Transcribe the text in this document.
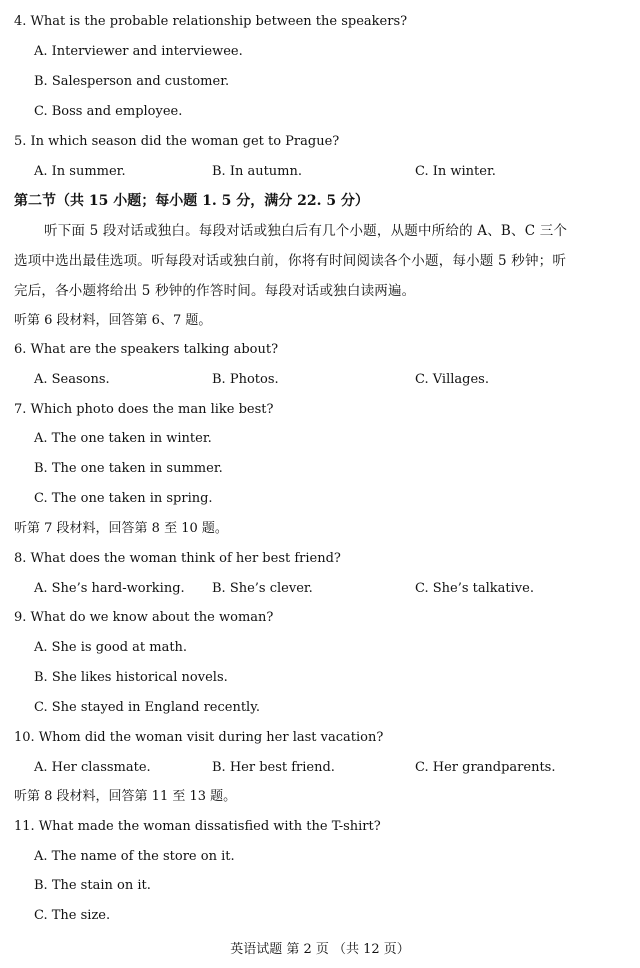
4. What is the probable relationship between the speakers?
A. Interviewer and interviewee.
B. Salesperson and customer.
C. Boss and employee.
5. In which season did the woman get to Prague?
A. In summer.	B. In autumn.	C. In winter.
第二节（共 15 小题；每小题 1. 5 分，满分 22. 5 分）
听下面 5 段对话或独白。每段对话或独白后有几个小题，从题中所给的 A、B、C 三个
选项中选出最佳选项。听每段对话或独白前，你将有时间阅读各个小题，每小题 5 秒钟；听
完后，各小题将给出 5 秒钟的作答时间。每段对话或独白读两遍。
听第 6 段材料，回答第 6、7 题。
6. What are the speakers talking about?
A. Seasons.	B. Photos.	C. Villages.
7. Which photo does the man like best?
A. The one taken in winter.
B. The one taken in summer.
C. The one taken in spring.
听第 7 段材料，回答第 8 至 10 题。
8. What does the woman think of her best friend?
A. She’s hard-working. B. She’s clever.	C. She’s talkative.
9. What do we know about the woman?
A. She is good at math.
B. She likes historical novels.
C. She stayed in England recently.
10. Whom did the woman visit during her last vacation?
A. Her classmate.	B. Her best friend.	C. Her grandparents.
听第 8 段材料，回答第 11 至 13 题。
11. What made the woman dissatisfied with the T-shirt?
A. The name of the store on it.
B. The stain on it.
C. The size.
英语试题 第 2 页 （共 12 页）
